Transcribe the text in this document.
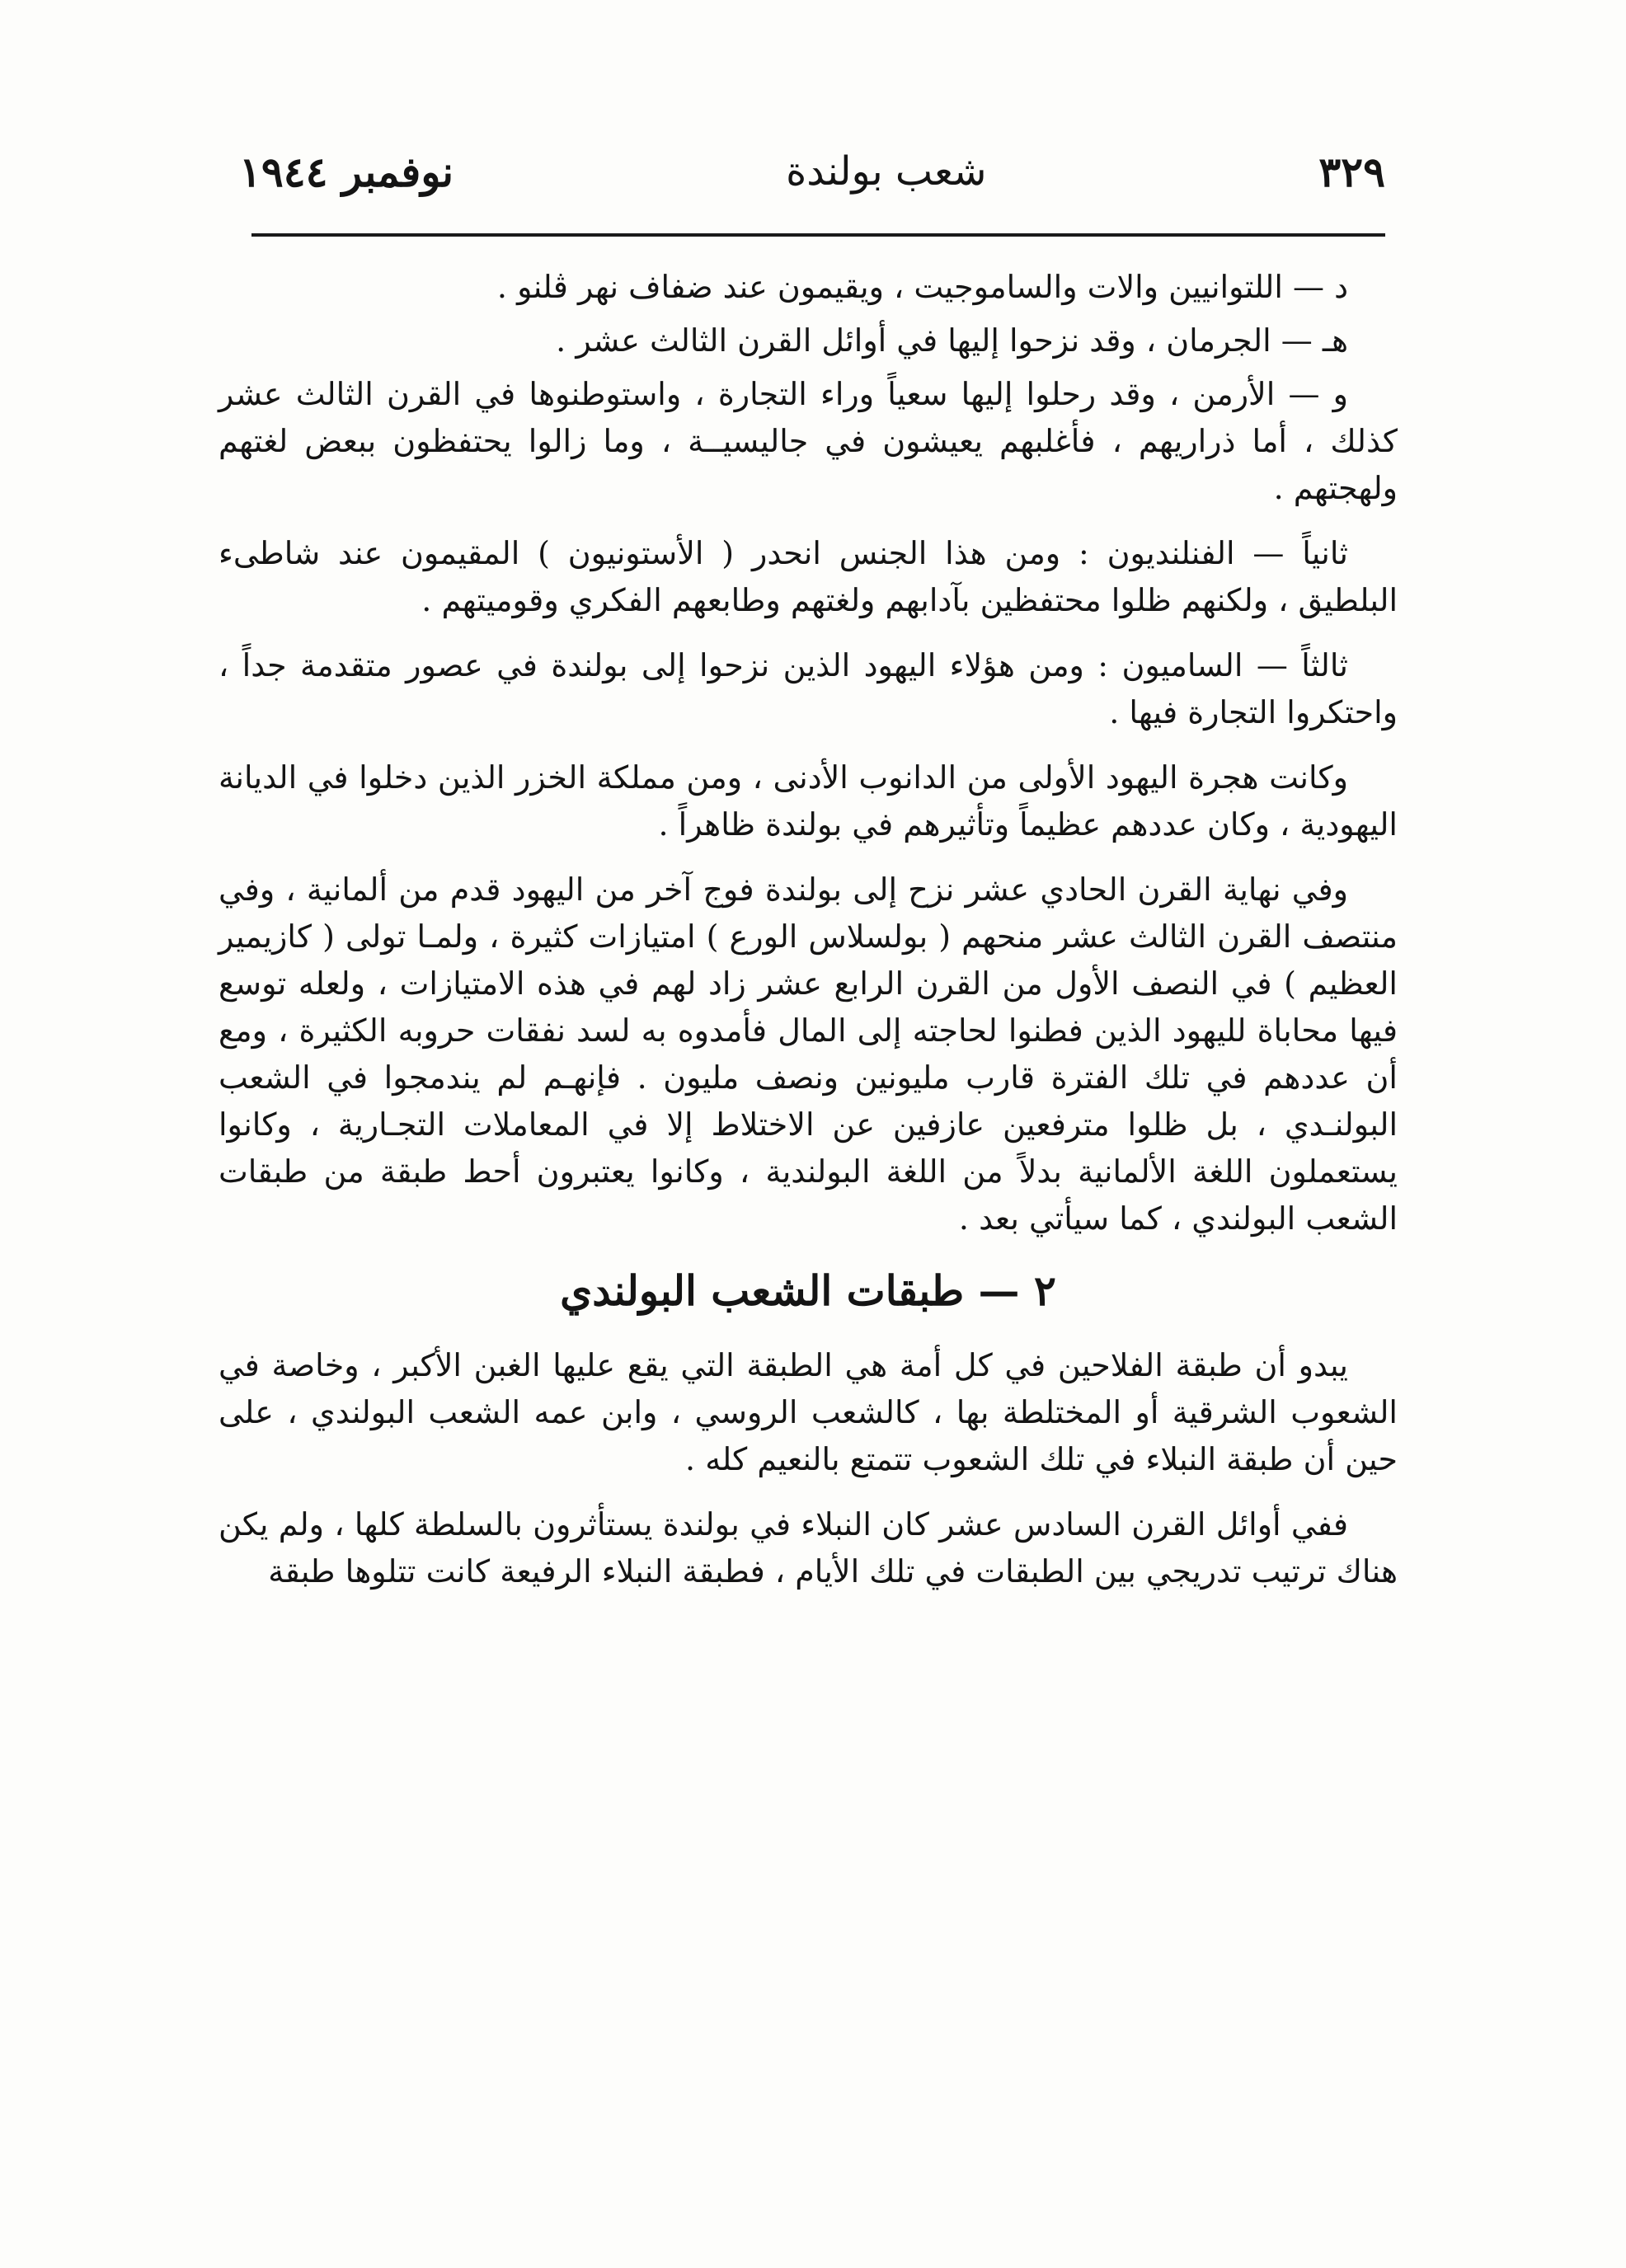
٣٢٩
شعب بولندة
نوفمبر ١٩٤٤

د — اللتوانيين والات والساموجيت ، ويقيمون عند ضفاف نهر ڤلنو .

هـ — الجرمان ، وقد نزحوا إليها في أوائل القرن الثالث عشر .

و — الأرمن ، وقد رحلوا إليها سعياً وراء التجارة ، واستوطنوها في القرن الثالث عشر كذلك ، أما ذراريهم ، فأغلبهم يعيشون في جاليسيــة ، وما زالوا يحتفظون ببعض لغتهم ولهجتهم .

ثانياً — الفنلنديون : ومن هذا الجنس انحدر ( الأستونيون ) المقيمون عند شاطىء البلطيق ، ولكنهم ظلوا محتفظين بآدابهم ولغتهم وطابعهم الفكري وقوميتهم .

ثالثاً — الساميون : ومن هؤلاء اليهود الذين نزحوا إلى بولندة في عصور متقدمة جداً ، واحتكروا التجارة فيها .

وكانت هجرة اليهود الأولى من الدانوب الأدنى ، ومن مملكة الخزر الذين دخلوا في الديانة اليهودية ، وكان عددهم عظيماً وتأثيرهم في بولندة ظاهراً .

وفي نهاية القرن الحادي عشر نزح إلى بولندة فوج آخر من اليهود قدم من ألمانية ، وفي منتصف القرن الثالث عشر منحهم ( بولسلاس الورع ) امتيازات كثيرة ، ولمـا تولى ( كازيمير العظيم ) في النصف الأول من القرن الرابع عشر زاد لهم في هذه الامتيازات ، ولعله توسع فيها محاباة لليهود الذين فطنوا لحاجته إلى المال فأمدوه به لسد نفقات حروبه الكثيرة ، ومع أن عددهم في تلك الفترة قارب مليونين ونصف مليون . فإنهـم لم يندمجوا في الشعب البولنـدي ، بل ظلوا مترفعين عازفين عن الاختلاط إلا في المعاملات التجـارية ، وكانوا يستعملون اللغة الألمانية بدلاً من اللغة البولندية ، وكانوا يعتبرون أحط طبقة من طبقات الشعب البولندي ، كما سيأتي بعد .

٢ — طبقات الشعب البولندي

يبدو أن طبقة الفلاحين في كل أمة هي الطبقة التي يقع عليها الغبن الأكبر ، وخاصة في الشعوب الشرقية أو المختلطة بها ، كالشعب الروسي ، وابن عمه الشعب البولندي ، على حين أن طبقة النبلاء في تلك الشعوب تتمتع بالنعيم كله .

ففي أوائل القرن السادس عشر كان النبلاء في بولندة يستأثرون بالسلطة كلها ، ولم يكن هناك ترتيب تدريجي بين الطبقات في تلك الأيام ، فطبقة النبلاء الرفيعة كانت تتلوها طبقة
